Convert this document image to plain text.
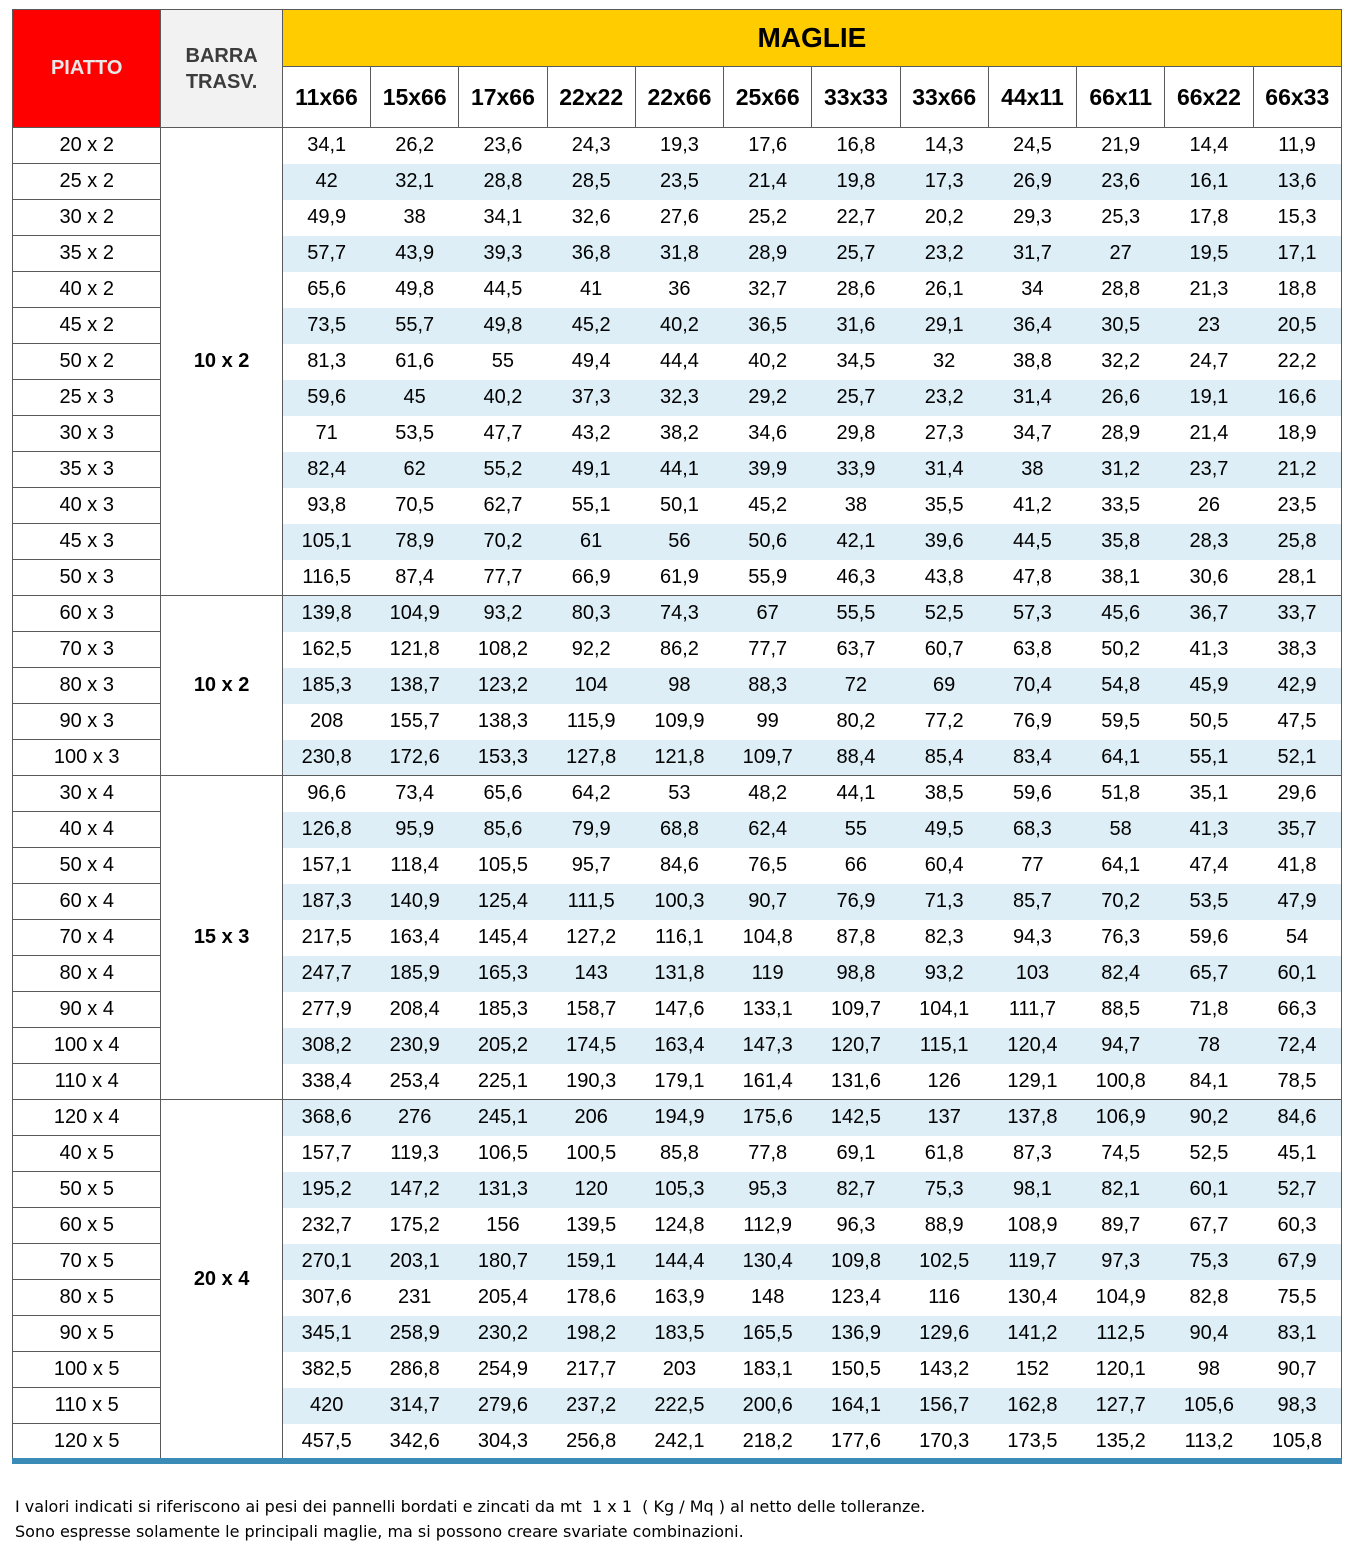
PIATTO	BARRA TRASV.	MAGLIE											
		11x66	15x66	17x66	22x22	22x66	25x66	33x33	33x66	44x11	66x11	66x22	66x33
20 x 2	10 x 2	34,1	26,2	23,6	24,3	19,3	17,6	16,8	14,3	24,5	21,9	14,4	11,9
25 x 2		42	32,1	28,8	28,5	23,5	21,4	19,8	17,3	26,9	23,6	16,1	13,6
30 x 2		49,9	38	34,1	32,6	27,6	25,2	22,7	20,2	29,3	25,3	17,8	15,3
35 x 2		57,7	43,9	39,3	36,8	31,8	28,9	25,7	23,2	31,7	27	19,5	17,1
40 x 2		65,6	49,8	44,5	41	36	32,7	28,6	26,1	34	28,8	21,3	18,8
45 x 2		73,5	55,7	49,8	45,2	40,2	36,5	31,6	29,1	36,4	30,5	23	20,5
50 x 2		81,3	61,6	55	49,4	44,4	40,2	34,5	32	38,8	32,2	24,7	22,2
25 x 3		59,6	45	40,2	37,3	32,3	29,2	25,7	23,2	31,4	26,6	19,1	16,6
30 x 3		71	53,5	47,7	43,2	38,2	34,6	29,8	27,3	34,7	28,9	21,4	18,9
35 x 3		82,4	62	55,2	49,1	44,1	39,9	33,9	31,4	38	31,2	23,7	21,2
40 x 3		93,8	70,5	62,7	55,1	50,1	45,2	38	35,5	41,2	33,5	26	23,5
45 x 3		105,1	78,9	70,2	61	56	50,6	42,1	39,6	44,5	35,8	28,3	25,8
50 x 3		116,5	87,4	77,7	66,9	61,9	55,9	46,3	43,8	47,8	38,1	30,6	28,1
60 x 3	10 x 2	139,8	104,9	93,2	80,3	74,3	67	55,5	52,5	57,3	45,6	36,7	33,7
70 x 3		162,5	121,8	108,2	92,2	86,2	77,7	63,7	60,7	63,8	50,2	41,3	38,3
80 x 3		185,3	138,7	123,2	104	98	88,3	72	69	70,4	54,8	45,9	42,9
90 x 3		208	155,7	138,3	115,9	109,9	99	80,2	77,2	76,9	59,5	50,5	47,5
100 x 3		230,8	172,6	153,3	127,8	121,8	109,7	88,4	85,4	83,4	64,1	55,1	52,1
30 x 4	15 x 3	96,6	73,4	65,6	64,2	53	48,2	44,1	38,5	59,6	51,8	35,1	29,6
40 x 4		126,8	95,9	85,6	79,9	68,8	62,4	55	49,5	68,3	58	41,3	35,7
50 x 4		157,1	118,4	105,5	95,7	84,6	76,5	66	60,4	77	64,1	47,4	41,8
60 x 4		187,3	140,9	125,4	111,5	100,3	90,7	76,9	71,3	85,7	70,2	53,5	47,9
70 x 4		217,5	163,4	145,4	127,2	116,1	104,8	87,8	82,3	94,3	76,3	59,6	54
80 x 4		247,7	185,9	165,3	143	131,8	119	98,8	93,2	103	82,4	65,7	60,1
90 x 4		277,9	208,4	185,3	158,7	147,6	133,1	109,7	104,1	111,7	88,5	71,8	66,3
100 x 4		308,2	230,9	205,2	174,5	163,4	147,3	120,7	115,1	120,4	94,7	78	72,4
110 x 4		338,4	253,4	225,1	190,3	179,1	161,4	131,6	126	129,1	100,8	84,1	78,5
120 x 4	20 x 4	368,6	276	245,1	206	194,9	175,6	142,5	137	137,8	106,9	90,2	84,6
40 x 5		157,7	119,3	106,5	100,5	85,8	77,8	69,1	61,8	87,3	74,5	52,5	45,1
50 x 5		195,2	147,2	131,3	120	105,3	95,3	82,7	75,3	98,1	82,1	60,1	52,7
60 x 5		232,7	175,2	156	139,5	124,8	112,9	96,3	88,9	108,9	89,7	67,7	60,3
70 x 5		270,1	203,1	180,7	159,1	144,4	130,4	109,8	102,5	119,7	97,3	75,3	67,9
80 x 5		307,6	231	205,4	178,6	163,9	148	123,4	116	130,4	104,9	82,8	75,5
90 x 5		345,1	258,9	230,2	198,2	183,5	165,5	136,9	129,6	141,2	112,5	90,4	83,1
100 x 5		382,5	286,8	254,9	217,7	203	183,1	150,5	143,2	152	120,1	98	90,7
110 x 5		420	314,7	279,6	237,2	222,5	200,6	164,1	156,7	162,8	127,7	105,6	98,3
120 x 5		457,5	342,6	304,3	256,8	242,1	218,2	177,6	170,3	173,5	135,2	113,2	105,8
I valori indicati si riferiscono ai pesi dei pannelli bordati e zincati da mt  1 x 1  ( Kg / Mq ) al netto delle tolleranze.
Sono espresse solamente le principali maglie, ma si possono creare svariate combinazioni.
